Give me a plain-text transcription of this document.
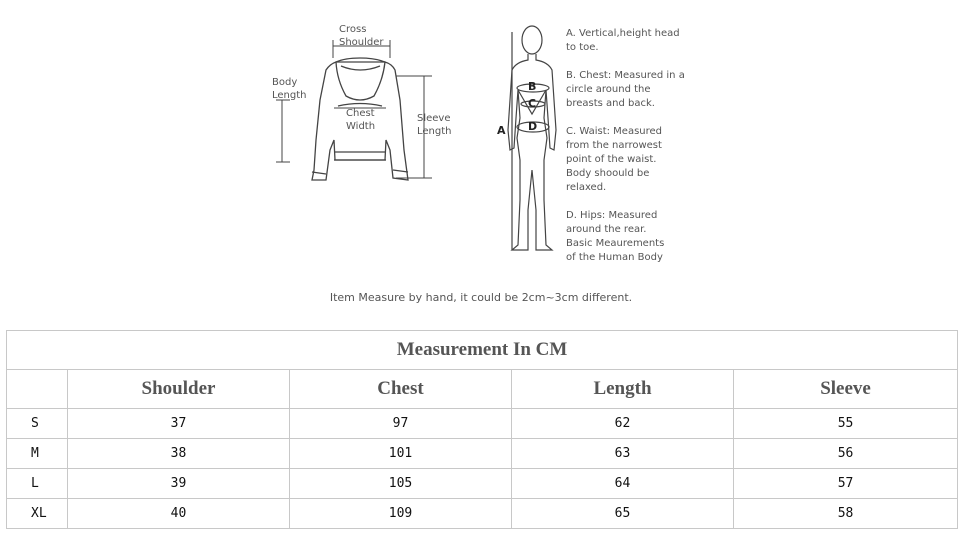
Cross
Shoulder
Body
Length
Chest
Width
Sleeve
Length	A
B
C
D
A. Vertical,height head
to toe.
B. Chest: Measured in a
circle around the
breasts and back.
C. Waist: Measured
from the narrowest
point of the waist.
Body shoould be
relaxed.
D. Hips: Measured
around the rear.
Basic Meaurements
of the Human Body
Item Measure by hand, it could be 2cm~3cm different.
Measurement In CM				
	Shoulder	Chest	Length	Sleeve
S	37	97	62	55
M	38	101	63	56
L	39	105	64	57
XL	40	109	65	58
